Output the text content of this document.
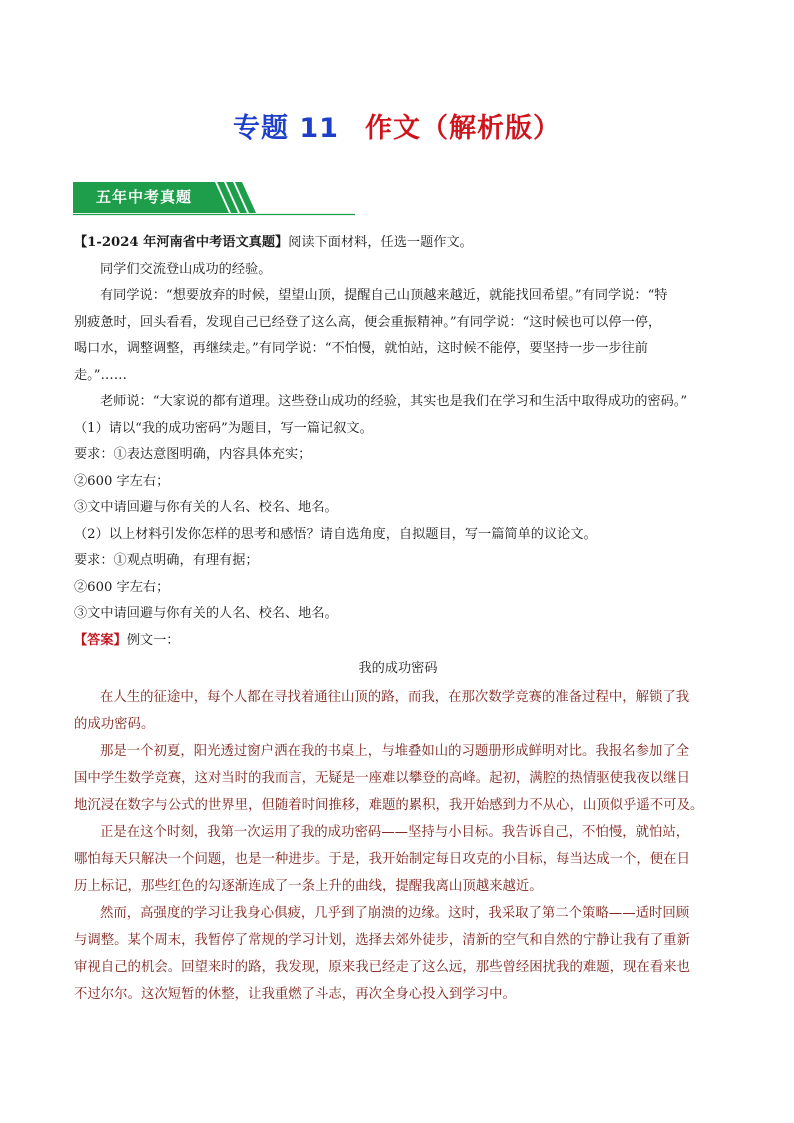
专题 11 作文（解析版）
五年中考真题

【1-2024 年河南省中考语文真题】阅读下面材料，任选一题作文。

同学们交流登山成功的经验。

有同学说：“想要放弃的时候，望望山顶，提醒自己山顶越来越近，就能找回希望。”有同学说：“特

别疲惫时，回头看看，发现自己已经登了这么高，便会重振精神。”有同学说：“这时候也可以停一停，

喝口水，调整调整，再继续走。”有同学说：“不怕慢，就怕站，这时候不能停，要坚持一步一步往前

走。”……

老师说：“大家说的都有道理。这些登山成功的经验，其实也是我们在学习和生活中取得成功的密码。”

（1）请以“我的成功密码”为题目，写一篇记叙文。

要求：①表达意图明确，内容具体充实；

②600 字左右；

③文中请回避与你有关的人名、校名、地名。

（2）以上材料引发你怎样的思考和感悟？请自选角度，自拟题目，写一篇简单的议论文。

要求：①观点明确，有理有据；

②600 字左右；

③文中请回避与你有关的人名、校名、地名。

【答案】例文一：

我的成功密码

在人生的征途中，每个人都在寻找着通往山顶的路，而我，在那次数学竞赛的准备过程中，解锁了我

的成功密码。

那是一个初夏，阳光透过窗户洒在我的书桌上，与堆叠如山的习题册形成鲜明对比。我报名参加了全

国中学生数学竞赛，这对当时的我而言，无疑是一座难以攀登的高峰。起初，满腔的热情驱使我夜以继日

地沉浸在数字与公式的世界里，但随着时间推移，难题的累积，我开始感到力不从心，山顶似乎遥不可及。

正是在这个时刻，我第一次运用了我的成功密码——坚持与小目标。我告诉自己，不怕慢，就怕站，

哪怕每天只解决一个问题，也是一种进步。于是，我开始制定每日攻克的小目标，每当达成一个，便在日

历上标记，那些红色的勾逐渐连成了一条上升的曲线，提醒我离山顶越来越近。

然而，高强度的学习让我身心俱疲，几乎到了崩溃的边缘。这时，我采取了第二个策略——适时回顾

与调整。某个周末，我暂停了常规的学习计划，选择去郊外徒步，清新的空气和自然的宁静让我有了重新

审视自己的机会。回望来时的路，我发现，原来我已经走了这么远，那些曾经困扰我的难题，现在看来也

不过尔尔。这次短暂的休整，让我重燃了斗志，再次全身心投入到学习中。
